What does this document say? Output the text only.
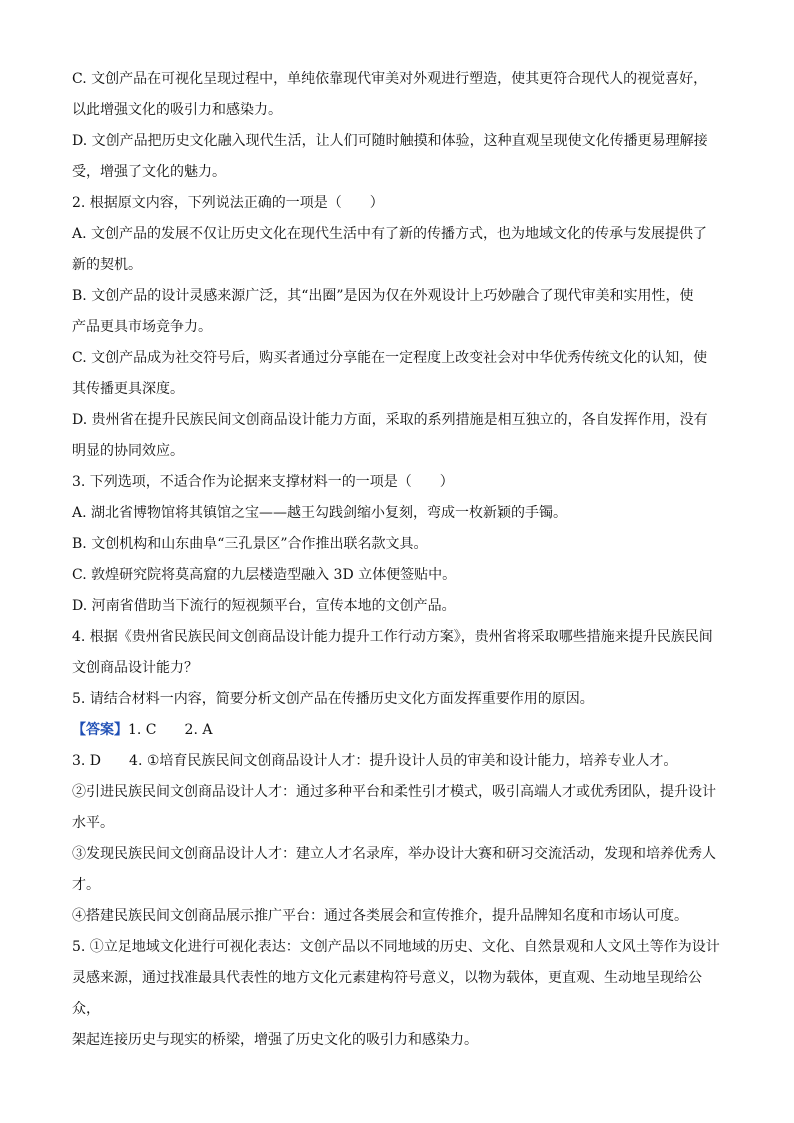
C. 文创产品在可视化呈现过程中，单纯依靠现代审美对外观进行塑造，使其更符合现代人的视觉喜好，

以此增强文化的吸引力和感染力。

D. 文创产品把历史文化融入现代生活，让人们可随时触摸和体验，这种直观呈现使文化传播更易理解接

受，增强了文化的魅力。

2. 根据原文内容，下列说法正确的一项是（　　）

A. 文创产品的发展不仅让历史文化在现代生活中有了新的传播方式，也为地域文化的传承与发展提供了

新的契机。

B. 文创产品的设计灵感来源广泛，其“出圈”是因为仅在外观设计上巧妙融合了现代审美和实用性，使

产品更具市场竞争力。

C. 文创产品成为社交符号后，购买者通过分享能在一定程度上改变社会对中华优秀传统文化的认知，使

其传播更具深度。

D. 贵州省在提升民族民间文创商品设计能力方面，采取的系列措施是相互独立的，各自发挥作用，没有

明显的协同效应。

3. 下列选项，不适合作为论据来支撑材料一的一项是（　　）

A. 湖北省博物馆将其镇馆之宝——越王勾践剑缩小复刻，弯成一枚新颖的手镯。

B. 文创机构和山东曲阜“三孔景区”合作推出联名款文具。

C. 敦煌研究院将莫高窟的九层楼造型融入 3D 立体便签贴中。

D. 河南省借助当下流行的短视频平台，宣传本地的文创产品。

4. 根据《贵州省民族民间文创商品设计能力提升工作行动方案》，贵州省将采取哪些措施来提升民族民间

文创商品设计能力？

5. 请结合材料一内容，简要分析文创产品在传播历史文化方面发挥重要作用的原因。

【答案】1. C 2. A

3. D 4. ①培育民族民间文创商品设计人才：提升设计人员的审美和设计能力，培养专业人才。

②引进民族民间文创商品设计人才：通过多种平台和柔性引才模式，吸引高端人才或优秀团队，提升设计

水平。

③发现民族民间文创商品设计人才：建立人才名录库，举办设计大赛和研习交流活动，发现和培养优秀人

才。

④搭建民族民间文创商品展示推广平台：通过各类展会和宣传推介，提升品牌知名度和市场认可度。

5. ①立足地域文化进行可视化表达：文创产品以不同地域的历史、文化、自然景观和人文风土等作为设计

灵感来源，通过找准最具代表性的地方文化元素建构符号意义，以物为载体，更直观、生动地呈现给公众，

架起连接历史与现实的桥梁，增强了历史文化的吸引力和感染力。
